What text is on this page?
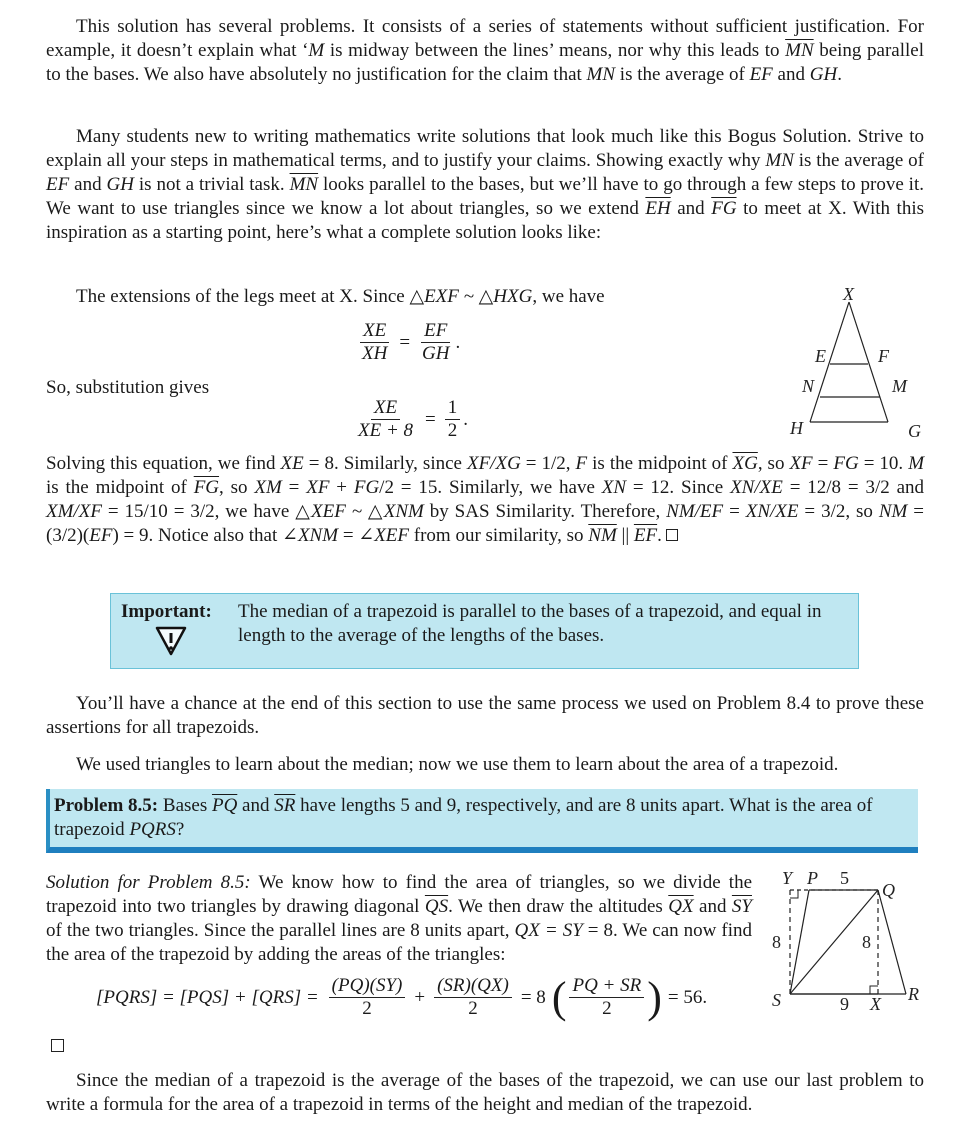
This solution has several problems. It consists of a series of statements without sufficient justification. For example, it doesn’t explain what ‘M is midway between the lines’ means, nor why this leads to $\overline{MN}$ being parallel to the bases. We also have absolutely no justification for the claim that MN is the average of EF and GH.
Many students new to writing mathematics write solutions that look much like this Bogus Solution. Strive to explain all your steps in mathematical terms, and to justify your claims. Showing exactly why MN is the average of EF and GH is not a trivial task. $\overline{MN}$ looks parallel to the bases, but we’ll have to go through a few steps to prove it. We want to use triangles since we know a lot about triangles, so we extend $\overline{EH}$ and $\overline{FG}$ to meet at X. With this inspiration as a starting point, here’s what a complete solution looks like:
The extensions of the legs meet at X. Since △EXF ~ △HXG, we have
$\frac{XE}{XH} = \frac{EF}{GH}$ .
So, substitution gives
$\frac{XE}{XE + 8} = \frac{1}{2}$ .
X
E	F
N	M
H	G
Solving this equation, we find XE = 8. Similarly, since XF/XG = 1/2, F is the midpoint of $\overline{XG}$, so XF = FG = 10. M is the midpoint of $\overline{FG}$, so XM = XF + FG/2 = 15. Similarly, we have XN = 12. Since XN/XE = 12/8 = 3/2 and XM/XF = 15/10 = 3/2, we have △XEF ~ △XNM by SAS Similarity. Therefore, NM/EF = XN/XE = 3/2, so NM = (3/2)(EF) = 9. Notice also that ∠XNM = ∠XEF from our similarity, so $\overline{NM}$ || $\overline{EF}$.
Important: The median of a trapezoid is parallel to the bases of a trapezoid, and equal in length to the average of the lengths of the bases.
You’ll have a chance at the end of this section to use the same process we used on Problem 8.4 to prove these assertions for all trapezoids.
We used triangles to learn about the median; now we use them to learn about the area of a trapezoid.
Problem 8.5: Bases $\overline{PQ}$ and $\overline{SR}$ have lengths 5 and 9, respectively, and are 8 units apart. What is the area of trapezoid PQRS?
Solution for Problem 8.5: We know how to find the area of triangles, so we divide the trapezoid into two triangles by drawing diagonal $\overline{QS}$. We then draw the altitudes $\overline{QX}$ and $\overline{SY}$ of the two triangles. Since the parallel lines are 8 units apart, QX = SY = 8. We can now find the area of the trapezoid by adding the areas of the triangles:
Y P 5
Q
8	8
S	9 X R
[PQRS] = $[PQS] + [QRS] = \frac{(PQ)(SY)}{2} + \frac{(SR)(QX)}{2} = 8$ ( $\frac{PQ + SR}{2}$ ) = 56.
Since the median of a trapezoid is the average of the bases of the trapezoid, we can use our last problem to write a formula for the area of a trapezoid in terms of the height and median of the trapezoid.
